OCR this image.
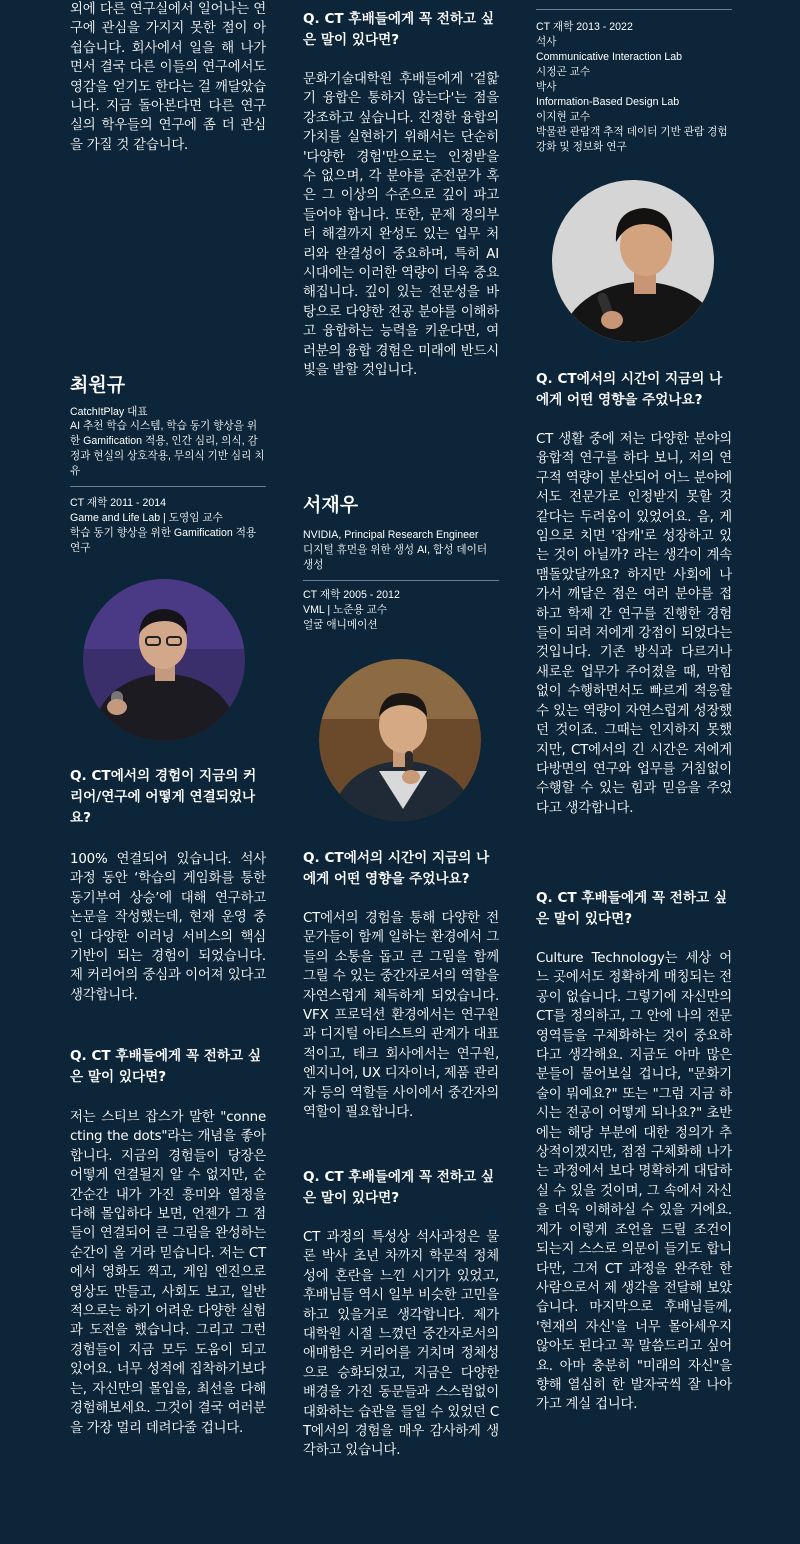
외에 다른 연구실에서 일어나는 연구에 관심을 가지지 못한 점이 아쉽습니다. 회사에서 일을 해 나가면서 결국 다른 이들의 연구에서도 영감을 얻기도 한다는 걸 깨달았습니다. 지금 돌아본다면 다른 연구실의 학우들의 연구에 좀 더 관심을 가질 것 같습니다.

최원규

CatchItPlay 대표

AI 추천 학습 시스템, 학습 동기 향상을 위한 Gamification 적용, 인간 심리, 의식, 감정과 현실의 상호작용, 무의식 기반 심리 치유

CT 재학 2011 - 2014

Game and Life Lab | 도영임 교수

학습 동기 향상을 위한 Gamification 적용 연구

Q. CT에서의 경험이 지금의 커리어/연구에 어떻게 연결되었나요?

100% 연결되어 있습니다. 석사 과정 동안 ‘학습의 게임화를 통한 동기부여 상승’에 대해 연구하고 논문을 작성했는데, 현재 운영 중인 다양한 이러닝 서비스의 핵심 기반이 되는 경험이 되었습니다. 제 커리어의 중심과 이어져 있다고 생각합니다.

Q. CT 후배들에게 꼭 전하고 싶은 말이 있다면?

저는 스티브 잡스가 말한 "connecting the dots"라는 개념을 좋아합니다. 지금의 경험들이 당장은 어떻게 연결될지 알 수 없지만, 순간순간 내가 가진 흥미와 열정을 다해 몰입하다 보면, 언젠가 그 점들이 연결되어 큰 그림을 완성하는 순간이 올 거라 믿습니다. 저는 CT에서 영화도 찍고, 게임 엔진으로 영상도 만들고, 사회도 보고, 일반적으로는 하기 어려운 다양한 실험과 도전을 했습니다. 그리고 그런 경험들이 지금 모두 도움이 되고 있어요. 너무 성적에 집착하기보다는, 자신만의 몰입을, 최선을 다해 경험해보세요. 그것이 결국 여러분을 가장 멀리 데려다줄 겁니다.

Q. CT 후배들에게 꼭 전하고 싶은 말이 있다면?

문화기술대학원 후배들에게 '겉핥기 융합은 통하지 않는다'는 점을 강조하고 싶습니다. 진정한 융합의 가치를 실현하기 위해서는 단순히 '다양한 경험'만으로는 인정받을 수 없으며, 각 분야를 준전문가 혹은 그 이상의 수준으로 깊이 파고들어야 합니다. 또한, 문제 정의부터 해결까지 완성도 있는 업무 처리와 완결성이 중요하며, 특히 AI 시대에는 이러한 역량이 더욱 중요해집니다. 깊이 있는 전문성을 바탕으로 다양한 전공 분야를 이해하고 융합하는 능력을 키운다면, 여러분의 융합 경험은 미래에 반드시 빛을 발할 것입니다.

서재우

NVIDIA, Principal Research Engineer

디지털 휴먼을 위한 생성 AI, 합성 데이터 생성

CT 재학 2005 - 2012

VML | 노준용 교수

얼굴 애니메이션

Q. CT에서의 시간이 지금의 나에게 어떤 영향을 주었나요?

CT에서의 경험을 통해 다양한 전문가들이 함께 일하는 환경에서 그들의 소통을 돕고 큰 그림을 함께 그릴 수 있는 중간자로서의 역할을 자연스럽게 체득하게 되었습니다. VFX 프로덕션 환경에서는 연구원과 디지털 아티스트의 관계가 대표적이고, 테크 회사에서는 연구원, 엔지니어, UX 디자이너, 제품 관리자 등의 역할들 사이에서 중간자의 역할이 필요합니다.

Q. CT 후배들에게 꼭 전하고 싶은 말이 있다면?

CT 과정의 특성상 석사과정은 물론 박사 초년 차까지 학문적 정체성에 혼란을 느낀 시기가 있었고, 후배님들 역시 일부 비슷한 고민을 하고 있을거로 생각합니다. 제가 대학원 시절 느꼈던 중간자로서의 애매함은 커리어를 거치며 정체성으로 승화되었고, 지금은 다양한 배경을 가진 동문들과 스스럼없이 대화하는 습관을 들일 수 있었던 CT에서의 경험을 매우 감사하게 생각하고 있습니다.

CT 재학 2013 - 2022

석사

Communicative Interaction Lab

시정곤 교수

박사

Information-Based Design Lab

이지현 교수

박물관 관람객 추적 데이터 기반 관람 경험 강화 및 정보화 연구

Q. CT에서의 시간이 지금의 나에게 어떤 영향을 주었나요?

CT 생활 중에 저는 다양한 분야의 융합적 연구를 하다 보니, 저의 연구적 역량이 분산되어 어느 분야에서도 전문가로 인정받지 못할 것 같다는 두려움이 있었어요. 음, 게임으로 치면 '잡캐'로 성장하고 있는 것이 아닐까? 라는 생각이 계속 맴돌았달까요? 하지만 사회에 나가서 깨달은 점은 여러 분야를 접하고 학제 간 연구를 진행한 경험들이 되려 저에게 강점이 되었다는 것입니다. 기존 방식과 다르거나 새로운 업무가 주어졌을 때, 막힘없이 수행하면서도 빠르게 적응할 수 있는 역량이 자연스럽게 성장했던 것이죠. 그때는 인지하지 못했지만, CT에서의 긴 시간은 저에게 다방면의 연구와 업무를 거침없이 수행할 수 있는 힘과 믿음을 주었다고 생각합니다.

Q. CT 후배들에게 꼭 전하고 싶은 말이 있다면?

Culture Technology는 세상 어느 곳에서도 정확하게 매칭되는 전공이 없습니다. 그렇기에 자신만의 CT를 정의하고, 그 안에 나의 전문 영역들을 구체화하는 것이 중요하다고 생각해요. 지금도 아마 많은 분들이 물어보실 겁니다, "문화기술이 뭐예요?" 또는 "그럼 지금 하시는 전공이 어떻게 되나요?" 초반에는 해당 부분에 대한 정의가 추상적이겠지만, 점점 구체화해 나가는 과정에서 보다 명확하게 대답하실 수 있을 것이며, 그 속에서 자신을 더욱 이해하실 수 있을 거에요. 제가 이렇게 조언을 드릴 조건이 되는지 스스로 의문이 들기도 합니다만, 그저 CT 과정을 완주한 한 사람으로서 제 생각을 전달해 보았습니다. 마지막으로 후배님들께, '현재의 자신'을 너무 몰아세우지 않아도 된다고 꼭 말씀드리고 싶어요. 아마 충분히 "미래의 자신"을 향해 열심히 한 발자국씩 잘 나아가고 계실 겁니다.
